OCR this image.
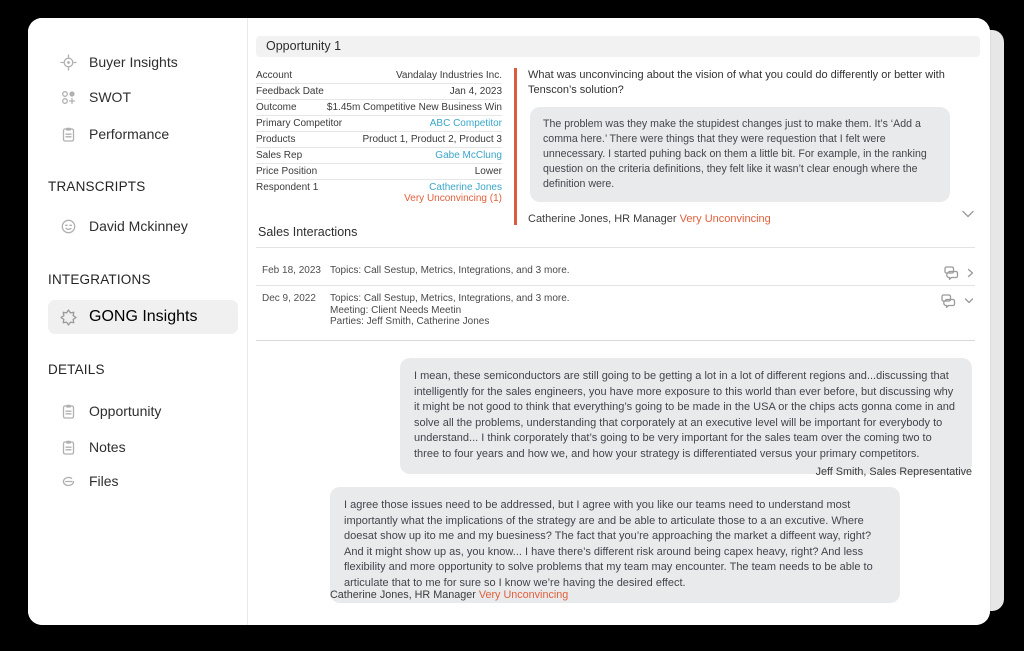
Buyer Insights
SWOT
Performance
TRANSCRIPTS
David Mckinney
INTEGRATIONS
GONG Insights
DETAILS
Opportunity
Notes
Files
Opportunity 1
Account	Vandalay Industries Inc.
Feedback Date	Jan 4, 2023
Outcome	$1.45m Competitive New Business Win
Primary Competitor	ABC Competitor
Products	Product 1, Product 2, Product 3
Sales Rep	Gabe McClung
Price Position	Lower
Respondent 1	Catherine Jones
Very Unconvincing (1)
What was unconvincing about the vision of what you could do differently or better with Tenscon’s solution?
The problem was they make the stupidest changes just to make them. It’s ‘Add a comma here.’ There were things that they were requestion that I felt were unnecessary. I started puhing back on them a little bit. For example, in the ranking question on the criteria definitions, they felt like it wasn’t clear enough where the definition were.
Catherine Jones, HR Manager Very Unconvincing
Sales Interactions
Feb 18, 2023 Topics: Call Sestup, Metrics, Integrations, and 3 more.
Dec 9, 2022 Topics: Call Sestup, Metrics, Integrations, and 3 more.
Meeting: Client Needs Meetin
Parties: Jeff Smith, Catherine Jones
I mean, these semiconductors are still going to be getting a lot in a lot of different regions and...discussing that intelligently for the sales engineers, you have more exposure to this world than ever before, but discussing why it might be not good to think that everything’s going to be made in the USA or the chips acts gonna come in and solve all the problems, understanding that corporately at an executive level will be important for everybody to understand... I think corporately that’s going to be very important for the sales team over the coming two to three to four years and how we, and how your strategy is differentiated versus your primary competitors.
Jeff Smith, Sales Representative
I agree those issues need to be addressed, but I agree with you like our teams need to understand most importantly what the implications of the strategy are and be able to articulate those to a an excutive. Where doesat show up ito me and my buesiness? The fact that you’re approaching the market a diffeent way, right? And it might show up as, you know... I have there’s different risk around being capex heavy, right? And less flexibility and more opportunity to solve problems that my team may encounter. The team needs to be able to articulate that to me for sure so I know we’re having the desired effect.
Catherine Jones, HR Manager Very Unconvincing
